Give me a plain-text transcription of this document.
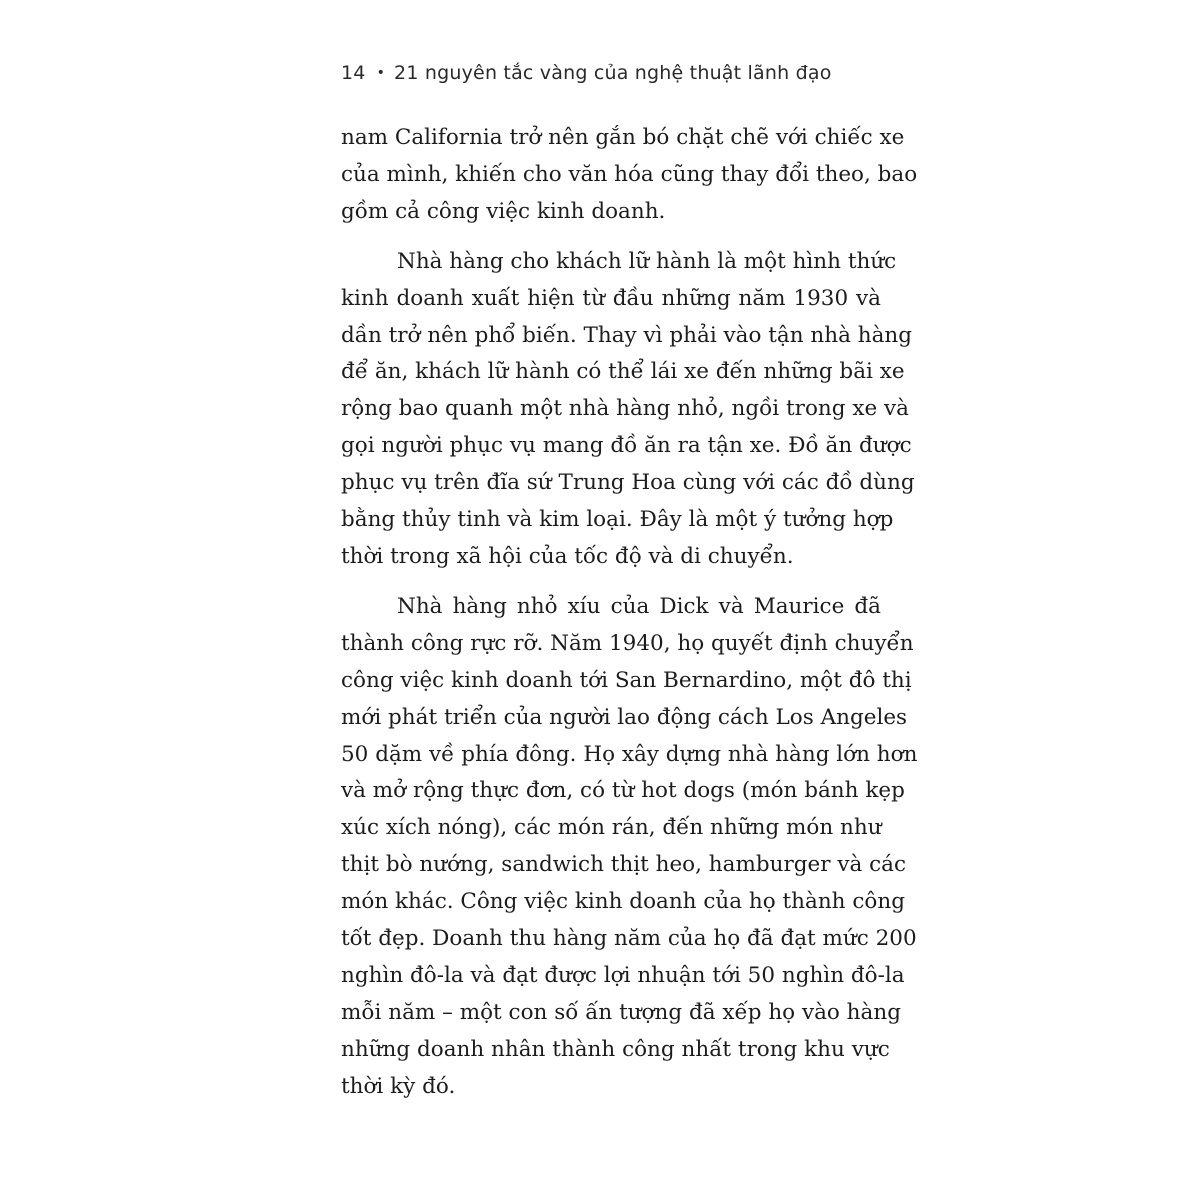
14 • 21 nguyên tắc vàng của nghệ thuật lãnh đạo
nam California trở nên gắn bó chặt chẽ với chiếc xe
của mình, khiến cho văn hóa cũng thay đổi theo, bao
gồm cả công việc kinh doanh.
Nhà hàng cho khách lữ hành là một hình thức
kinh doanh xuất hiện từ đầu những năm 1930 và
dần trở nên phổ biến. Thay vì phải vào tận nhà hàng
để ăn, khách lữ hành có thể lái xe đến những bãi xe
rộng bao quanh một nhà hàng nhỏ, ngồi trong xe và
gọi người phục vụ mang đồ ăn ra tận xe. Đồ ăn được
phục vụ trên đĩa sứ Trung Hoa cùng với các đồ dùng
bằng thủy tinh và kim loại. Đây là một ý tưởng hợp
thời trong xã hội của tốc độ và di chuyển.
Nhà hàng nhỏ xíu của Dick và Maurice đã
thành công rực rỡ. Năm 1940, họ quyết định chuyển
công việc kinh doanh tới San Bernardino, một đô thị
mới phát triển của người lao động cách Los Angeles
50 dặm về phía đông. Họ xây dựng nhà hàng lớn hơn
và mở rộng thực đơn, có từ hot dogs (món bánh kẹp
xúc xích nóng), các món rán, đến những món như
thịt bò nướng, sandwich thịt heo, hamburger và các
món khác. Công việc kinh doanh của họ thành công
tốt đẹp. Doanh thu hàng năm của họ đã đạt mức 200
nghìn đô-la và đạt được lợi nhuận tới 50 nghìn đô-la
mỗi năm – một con số ấn tượng đã xếp họ vào hàng
những doanh nhân thành công nhất trong khu vực
thời kỳ đó.
